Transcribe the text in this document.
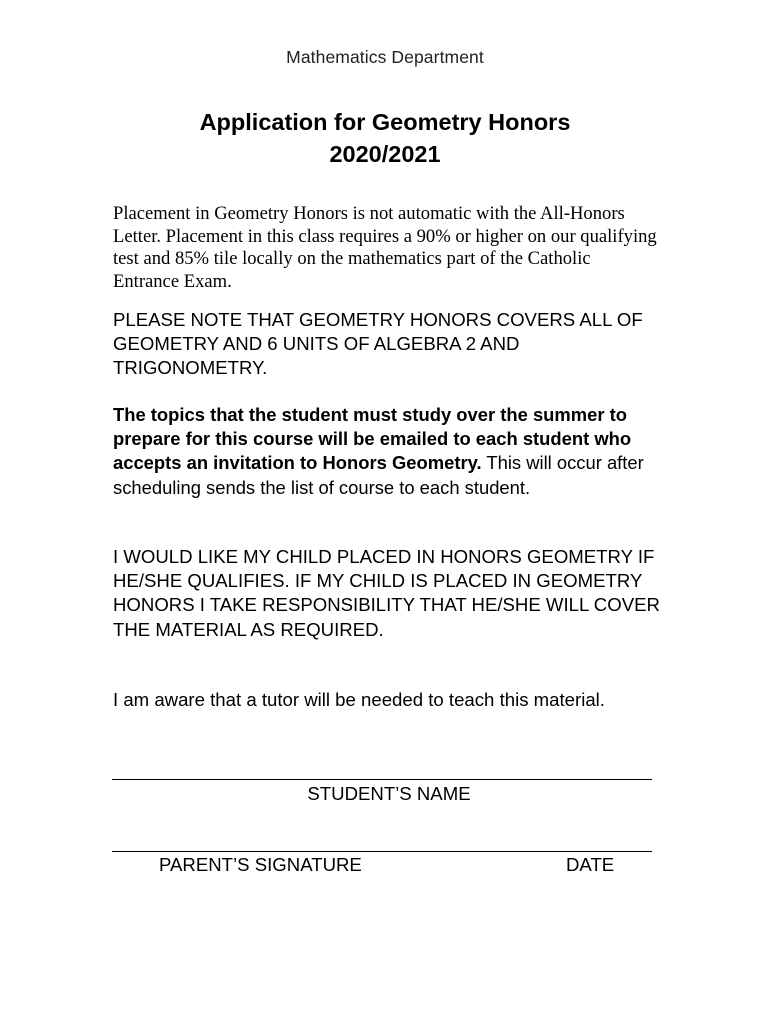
Mathematics Department
Application for Geometry Honors
2020/2021
Placement in Geometry Honors is not automatic with the All-Honors Letter. Placement in this class requires a 90% or higher on our qualifying test and 85% tile locally on the mathematics part of the Catholic Entrance Exam.
PLEASE NOTE THAT GEOMETRY HONORS COVERS ALL OF GEOMETRY AND 6 UNITS OF ALGEBRA 2 AND TRIGONOMETRY.
The topics that the student must study over the summer to prepare for this course will be emailed to each student who accepts an invitation to Honors Geometry. This will occur after scheduling sends the list of course to each student.
I WOULD LIKE MY CHILD PLACED IN HONORS GEOMETRY IF HE/SHE QUALIFIES. IF MY CHILD IS PLACED IN GEOMETRY HONORS I TAKE RESPONSIBILITY THAT HE/SHE WILL COVER THE MATERIAL AS REQUIRED.
I am aware that a tutor will be needed to teach this material.
STUDENT’S NAME
PARENT’S SIGNATURE	DATE
